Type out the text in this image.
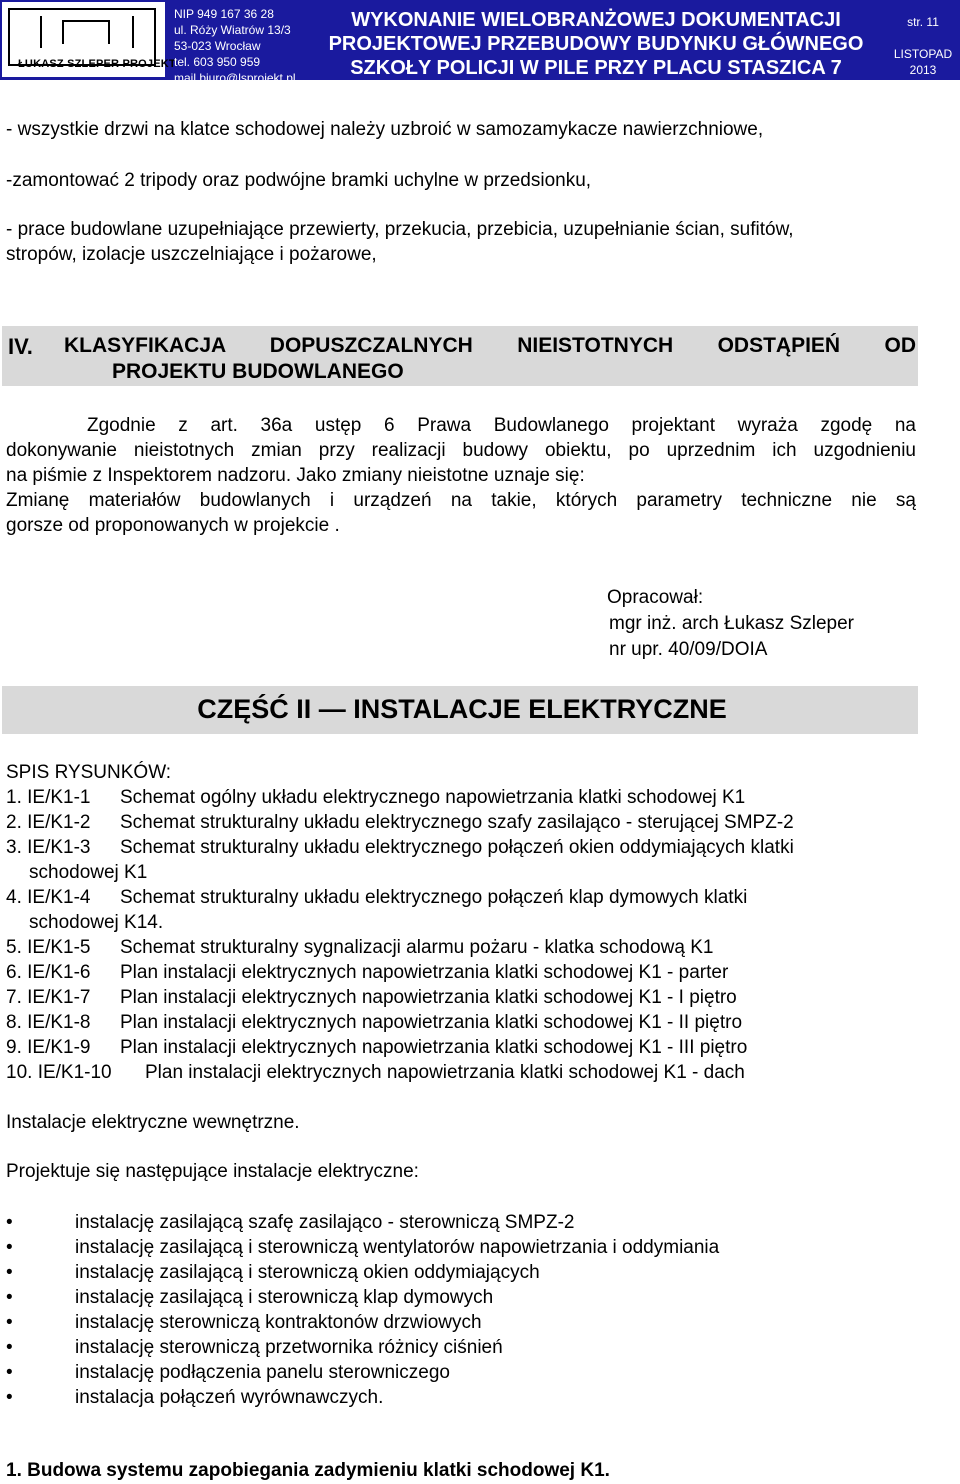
ŁUKASZ SZLEPER PROJEKT
NIP 949 167 36 28
ul. Róży Wiatrów 13/3
53-023 Wrocław
tel. 603 950 959
mail biuro@lsprojekt.pl
WYKONANIE WIELOBRANŻOWEJ DOKUMENTACJI
PROJEKTOWEJ PRZEBUDOWY BUDYNKU GŁÓWNEGO
SZKOŁY POLICJI W PILE PRZY PLACU STASZICA 7
str. 11
LISTOPAD
2013
- wszystkie drzwi na klatce schodowej należy uzbroić w samozamykacze nawierzchniowe,
-zamontować 2 tripody oraz podwójne bramki uchylne w przedsionku,
- prace budowlane uzupełniające przewierty, przekucia, przebicia, uzupełnianie ścian, sufitów,
stropów, izolacje uszczelniające i pożarowe,
IV. KLASYFIKACJA DOPUSZCZALNYCH NIEISTOTNYCH ODSTĄPIEŃ OD
PROJEKTU BUDOWLANEGO
Zgodnie z art. 36a ustęp 6 Prawa Budowlanego projektant wyraża zgodę na
dokonywanie nieistotnych zmian przy realizacji budowy obiektu, po uprzednim ich uzgodnieniu
na piśmie z Inspektorem nadzoru. Jako zmiany nieistotne uznaje się:
Zmianę materiałów budowlanych i urządzeń na takie, których parametry techniczne nie są
gorsze od proponowanych w projekcie .
Opracował:
mgr inż. arch Łukasz Szleper
nr upr. 40/09/DOIA
CZĘŚĆ II — INSTALACJE ELEKTRYCZNE
SPIS RYSUNKÓW:
1. IE/K1-1 Schemat ogólny układu elektrycznego napowietrzania klatki schodowej K1
2. IE/K1-2 Schemat strukturalny układu elektrycznego szafy zasilająco - sterującej SMPZ-2
3. IE/K1-3 Schemat strukturalny układu elektrycznego połączeń okien oddymiających klatki
schodowej K1
4. IE/K1-4 Schemat strukturalny układu elektrycznego połączeń klap dymowych klatki
schodowej K14.
5. IE/K1-5 Schemat strukturalny sygnalizacji alarmu pożaru - klatka schodową K1
6. IE/K1-6 Plan instalacji elektrycznych napowietrzania klatki schodowej K1 - parter
7. IE/K1-7 Plan instalacji elektrycznych napowietrzania klatki schodowej K1 - I piętro
8. IE/K1-8 Plan instalacji elektrycznych napowietrzania klatki schodowej K1 - II piętro
9. IE/K1-9 Plan instalacji elektrycznych napowietrzania klatki schodowej K1 - III piętro
10. IE/K1-10 Plan instalacji elektrycznych napowietrzania klatki schodowej K1 - dach
Instalacje elektryczne wewnętrzne.
Projektuje się następujące instalacje elektryczne:
•	instalację zasilającą szafę zasilająco - sterowniczą SMPZ-2
•	instalację zasilającą i sterowniczą wentylatorów napowietrzania i oddymiania
•	instalację zasilającą i sterowniczą okien oddymiających
•	instalację zasilającą i sterowniczą klap dymowych
•	instalację sterowniczą kontraktonów drzwiowych
•	instalację sterowniczą przetwornika różnicy ciśnień
•	instalację podłączenia panelu sterowniczego
•	instalacja połączeń wyrównawczych.
1. Budowa systemu zapobiegania zadymieniu klatki schodowej K1.
